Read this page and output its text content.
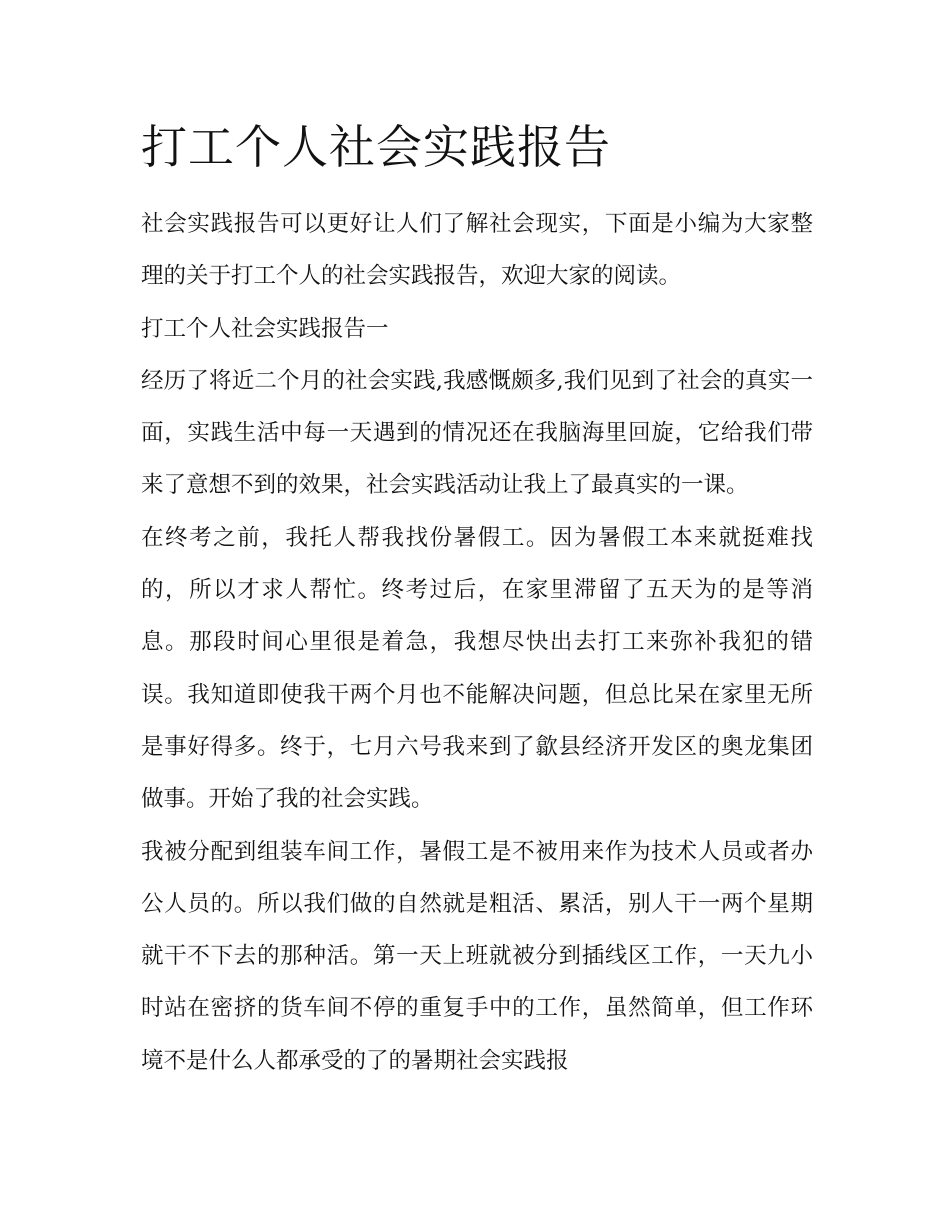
打工个人社会实践报告

社会实践报告可以更好让人们了解社会现实，下面是小编为大家整理的关于打工个人的社会实践报告，欢迎大家的阅读。

打工个人社会实践报告一

经历了将近二个月的社会实践,我感慨颇多,我们见到了社会的真实一面，实践生活中每一天遇到的情况还在我脑海里回旋，它给我们带来了意想不到的效果，社会实践活动让我上了最真实的一课。

在终考之前，我托人帮我找份暑假工。因为暑假工本来就挺难找的，所以才求人帮忙。终考过后，在家里滞留了五天为的是等消息。那段时间心里很是着急，我想尽快出去打工来弥补我犯的错误。我知道即使我干两个月也不能解决问题，但总比呆在家里无所是事好得多。终于，七月六号我来到了歙县经济开发区的奥龙集团做事。开始了我的社会实践。

我被分配到组装车间工作，暑假工是不被用来作为技术人员或者办公人员的。所以我们做的自然就是粗活、累活，别人干一两个星期就干不下去的那种活。第一天上班就被分到插线区工作，一天九小时站在密挤的货车间不停的重复手中的工作，虽然简单，但工作环境不是什么人都承受的了的暑期社会实践报
